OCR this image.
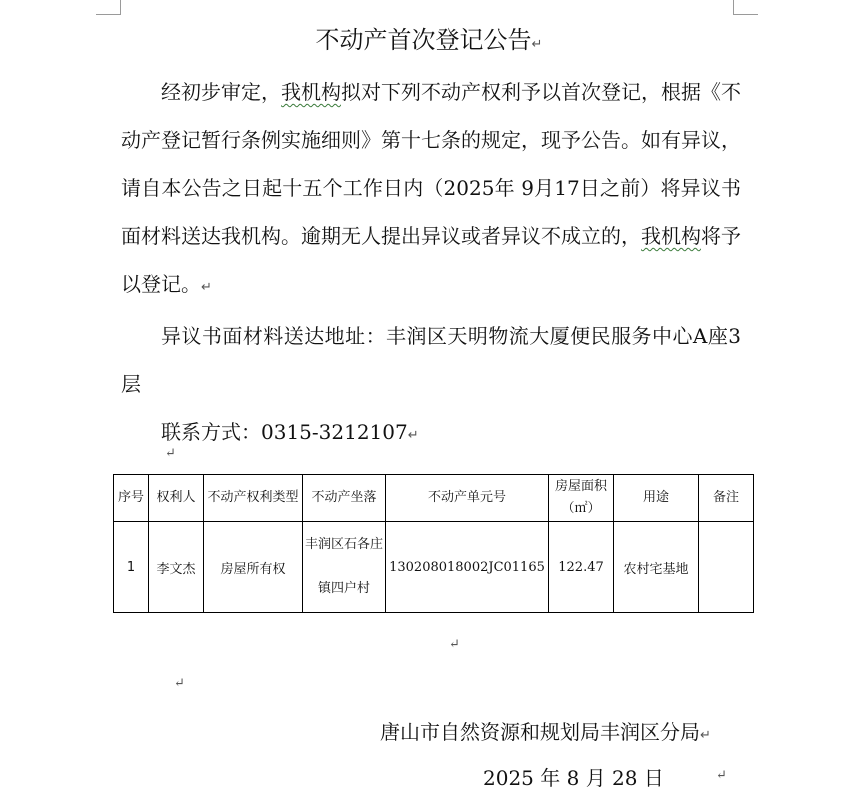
不动产首次登记公告↵

经初步审定，我机构拟对下列不动产权利予以首次登记，根据《不动产登记暂行条例实施细则》第十七条的规定，现予公告。如有异议，请自本公告之日起十五个工作日内（2025年 9月17日之前）将异议书面材料送达我机构。逾期无人提出异议或者异议不成立的，我机构将予以登记。↵

异议书面材料送达地址：丰润区天明物流大厦便民服务中心A座3层

联系方式：0315-3212107↵

↵
序号	权利人	不动产权利类型	不动产坐落	不动产单元号	房屋面积（㎡）	用途	备注
1	李文杰	房屋所有权	丰润区石各庄镇四户村	130208018002JC01165	122.47	农村宅基地	
↵
↵
唐山市自然资源和规划局丰润区分局↵
2025 年 8 月 28 日	↵
